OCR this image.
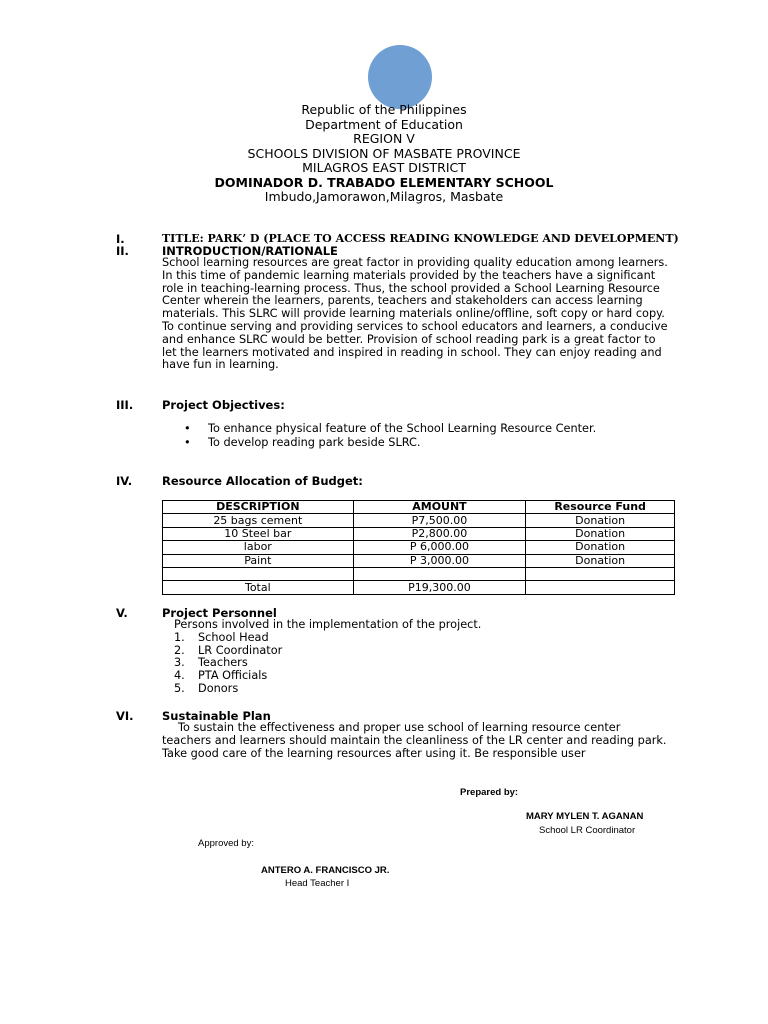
Republic of the Philippines
Department of Education
REGION V
SCHOOLS DIVISION OF MASBATE PROVINCE
MILAGROS EAST DISTRICT
DOMINADOR D. TRABADO ELEMENTARY SCHOOL
Imbudo,Jamorawon,Milagros, Masbate
I.	TITLE: PARK’ D (PLACE TO ACCESS READING KNOWLEDGE AND DEVELOPMENT)
II.	INTRODUCTION/RATIONALE

School learning resources are great factor in providing quality education among learners. In this time of pandemic learning materials provided by the teachers have a significant role in teaching-learning process. Thus, the school provided a School Learning Resource Center wherein the learners, parents, teachers and stakeholders can access learning materials. This SLRC will provide learning materials online/offline, soft copy or hard copy.

To continue serving and providing services to school educators and learners, a conducive and enhance SLRC would be better. Provision of school reading park is a great factor to let the learners motivated and inspired in reading in school. They can enjoy reading and have fun in learning.

III.	Project Objectives:
• To enhance physical feature of the School Learning Resource Center.
• To develop reading park beside SLRC.
IV.	Resource Allocation of Budget:
DESCRIPTION	AMOUNT	Resource Fund
25 bags cement	P7,500.00	Donation
10 Steel bar	P2,800.00	Donation
labor	P 6,000.00	Donation
Paint	P 3,000.00	Donation

Total	P19,300.00	
V.	Project Personnel
Persons involved in the implementation of the project.
1. School Head
2. LR Coordinator
3. Teachers
4. PTA Officials
5. Donors
VI. Sustainable Plan
To sustain the effectiveness and proper use school of learning resource center teachers and learners should maintain the cleanliness of the LR center and reading park. Take good care of the learning resources after using it. Be responsible user
Prepared by:
MARY MYLEN T. AGANAN
School LR Coordinator
Approved by:
ANTERO A. FRANCISCO JR.
Head Teacher I
